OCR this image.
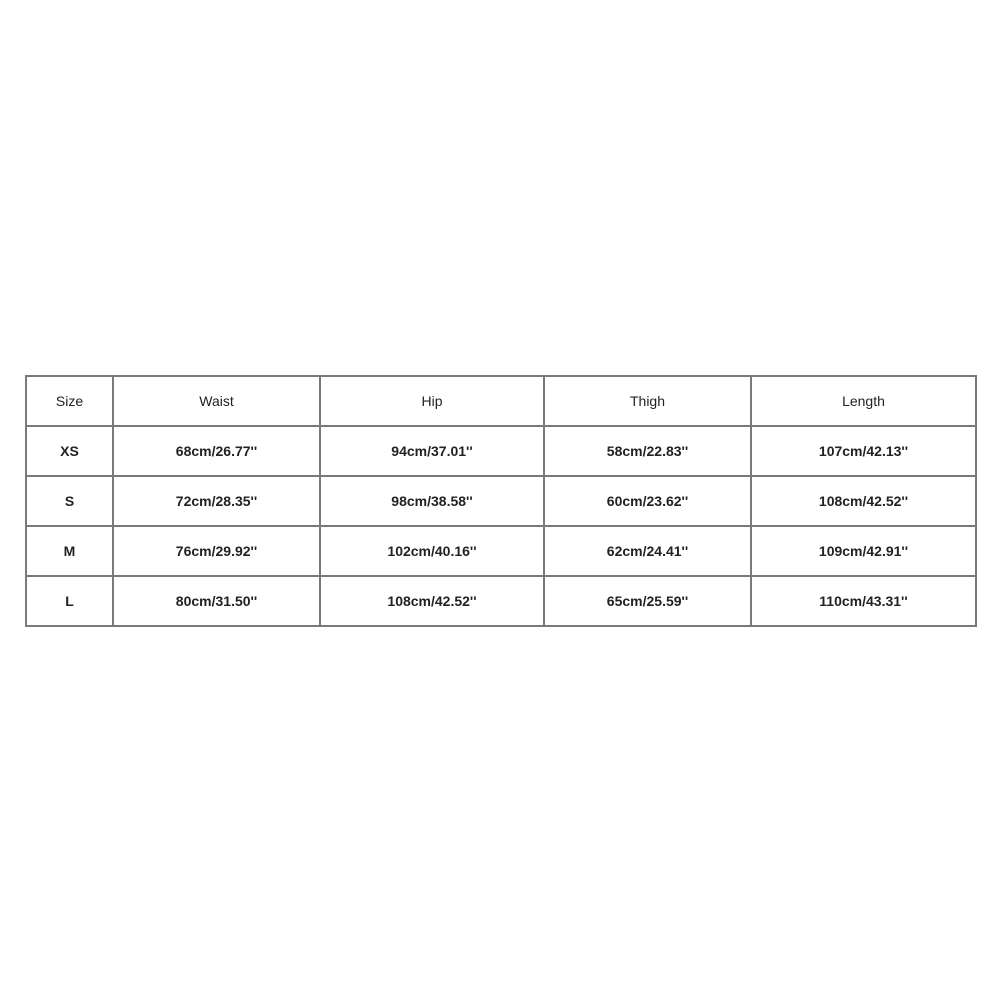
Size	Waist	Hip	Thigh	Length
XS	68cm/26.77''	94cm/37.01''	58cm/22.83''	107cm/42.13''
S	72cm/28.35''	98cm/38.58''	60cm/23.62''	108cm/42.52''
M	76cm/29.92''	102cm/40.16''	62cm/24.41''	109cm/42.91''
L	80cm/31.50''	108cm/42.52''	65cm/25.59''	110cm/43.31''
